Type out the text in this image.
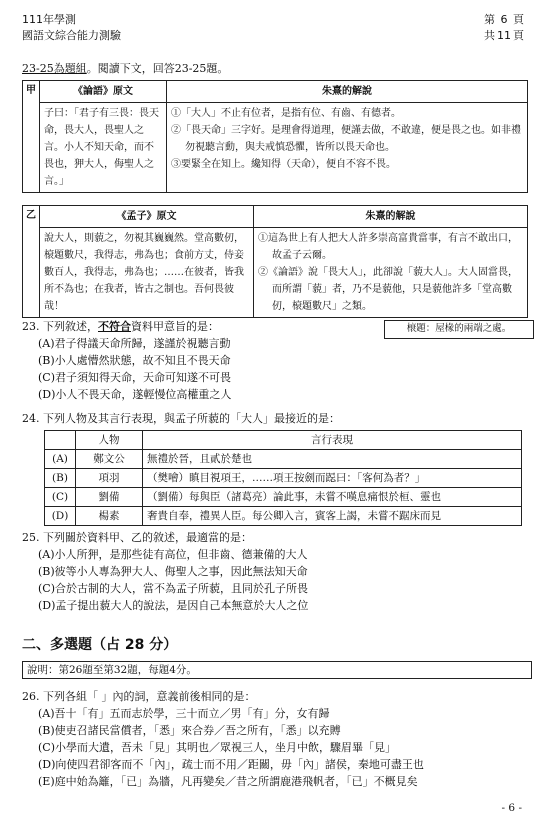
111年學測
國語文綜合能力測驗
第 6 頁
共 11 頁
23-25為題組。閱讀下文，回答23-25題。
甲	《論語》原文	朱熹的解說
	子曰：「君子有三畏：畏天命，畏大人，畏聖人之言。小人不知天命，而不畏也，狎大人，侮聖人之言。」	①「大人」不止有位者，是指有位、有齒、有德者。
②「畏天命」三字好。是理會得道理，便謹去做，不敢違，便是畏之也。如非禮勿視聽言動，與夫戒慎恐懼，皆所以畏天命也。
③要緊全在知上。纔知得（天命），便自不容不畏。
乙	《孟子》原文	朱熹的解說
	說大人，則藐之，勿視其巍巍然。堂高數仞，榱題數尺，我得志，弗為也；食前方丈，侍妾數百人，我得志，弗為也；……在彼者，皆我所不為也；在我者，皆古之制也。吾何畏彼哉！	①這為世上有人把大人許多崇高富貴當事，有言不敢出口，故孟子云爾。
②《論語》說「畏大人」，此卻說「藐大人」。大人固當畏，而所謂「藐」者，乃不是藐他，只是藐他許多「堂高數仞，榱題數尺」之類。
23. 下列敘述，不符合資料甲意旨的是：
(A)君子得議天命所歸，遂謹於視聽言動
(B)小人處懵然狀態，故不知且不畏天命
(C)君子須知得天命，天命可知遂不可畏
(D)小人不畏天命，遂輕慢位高權重之人
榱題：屋椽的兩端之處。
24. 下列人物及其言行表現，與孟子所藐的「大人」最接近的是：
	人物	言行表現
(A)	鄭文公	無禮於晉，且貳於楚也
(B)	項羽	（樊噲）瞋目視項王，……項王按劍而跽曰：「客何為者？」
(C)	劉備	（劉備）每與臣（諸葛亮）論此事，未嘗不嘆息痛恨於桓、靈也
(D)	楊素	奢貴自奉，禮異人臣。每公卿入言，賓客上謁，未嘗不踞床而見
25. 下列關於資料甲、乙的敘述，最適當的是：
(A)小人所狎，是那些徒有高位，但非齒、德兼備的大人
(B)彼等小人專為狎大人、侮聖人之事，因此無法知天命
(C)合於古制的大人，當不為孟子所藐，且同於孔子所畏
(D)孟子提出藐大人的說法，是因自己本無意於大人之位
二、多選題（占 28 分）
說明：第26題至第32題，每題4分。
26. 下列各組「 」內的詞，意義前後相同的是：
(A)吾十「有」五而志於學，三十而立／男「有」分，女有歸
(B)使吏召諸民當償者，「悉」來合券／吾之所有，「悉」以充賻
(C)小學而大遺，吾未「見」其明也／眾視三人，坐月中飲，驟眉畢「見」
(D)向使四君卻客而不「內」，疏士而不用／距關，毋「內」諸侯，秦地可盡王也
(E)庭中始為籬，「已」為牆，凡再變矣／昔之所謂鹿港飛帆者，「已」不概見矣
- 6 -
